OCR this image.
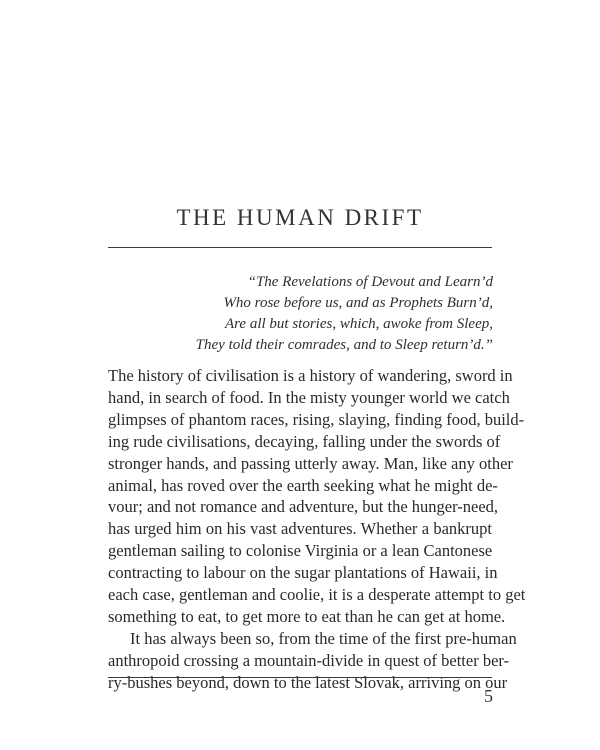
THE HUMAN DRIFT
“The Revelations of Devout and Learn’d
Who rose before us, and as Prophets Burn’d,
Are all but stories, which, awoke from Sleep,
They told their comrades, and to Sleep return’d.”
The history of civilisation is a history of wandering, sword in
hand, in search of food. In the misty younger world we catch
glimpses of phantom races, rising, slaying, finding food, build-
ing rude civilisations, decaying, falling under the swords of
stronger hands, and passing utterly away. Man, like any other
animal, has roved over the earth seeking what he might de-
vour; and not romance and adventure, but the hunger-need,
has urged him on his vast adventures. Whether a bankrupt
gentleman sailing to colonise Virginia or a lean Cantonese
contracting to labour on the sugar plantations of Hawaii, in
each case, gentleman and coolie, it is a desperate attempt to get
something to eat, to get more to eat than he can get at home.
It has always been so, from the time of the first pre-human
anthropoid crossing a mountain-divide in quest of better ber-
ry-bushes beyond, down to the latest Slovak, arriving on our
5
